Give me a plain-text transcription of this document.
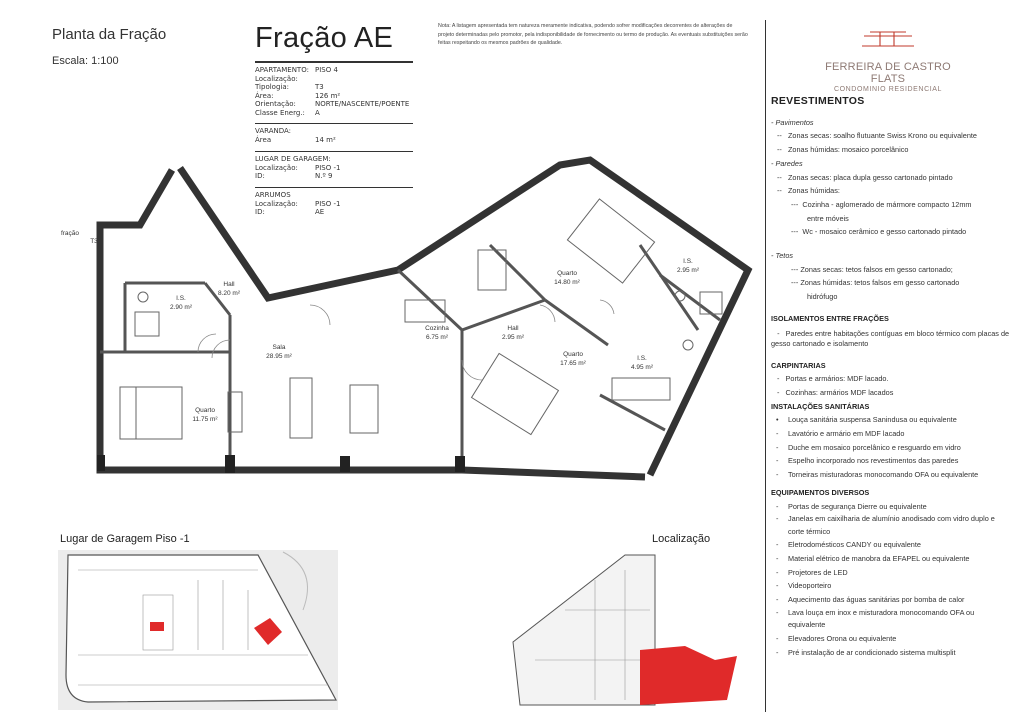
Planta da Fração
Escala: 1:100
Fração AE	Nota: A listagem apresentada tem natureza meramente indicativa, podendo sofrer modificações decorrentes de alterações de projeto determinadas pelo promotor, pela indisponibilidade de fornecimento ou termo de produção. As eventuais substituições serão feitas respeitando os mesmos padrões de qualidade.
APARTAMENTO: PISO 4
Localização:
Tipologia:	T3
Área:	126 m²
Orientação:	NORTE/NASCENTE/POENTE
Classe Energ.:	A
VARANDA:
Área	14 m²
LUGAR DE GARAGEM:
Localização:	PISO -1
ID:	N.º 9
ARRUMOS
Localização:	PISO -1
ID:	AE
fração
T3
Hall
8.20 m²
I.S.
2.90 m²
Sala
28.95 m²
Quarto
11.75 m²
Cozinha
6.75 m²
Hall
2.95 m²
Quarto
14.80 m²
I.S.
2.95 m²
I.S.
4.95 m²
Quarto
17.65 m²
Lugar de Garagem Piso -1	Localização
FERREIRA DE CASTRO FLATS
CONDOMINIO RESIDENCIAL
REVESTIMENTOS
- Pavimentos
--   Zonas secas: soalho flutuante Swiss Krono ou equivalente
--   Zonas húmidas: mosaico porcelânico
- Paredes
--   Zonas secas: placa dupla gesso cartonado pintado
--   Zonas húmidas:
---  Cozinha - aglomerado de mármore compacto 12mm
entre móveis
---  Wc - mosaico cerâmico e gesso cartonado pintado
- Tetos
--- Zonas secas: tetos falsos em gesso cartonado;
--- Zonas húmidas: tetos falsos em gesso cartonado
hidrófugo
ISOLAMENTOS ENTRE FRAÇÕES
-   Paredes entre habitações contíguas em bloco térmico com placas de gesso cartonado e isolamento
CARPINTARIAS
-   Portas e armários: MDF lacado.
-   Cozinhas: armários MDF lacados
INSTALAÇÕES SANITÁRIAS
•	Louça sanitária suspensa Sanindusa ou equivalente
-	Lavatório e armário em MDF lacado
-	Duche em mosaico porcelânico e resguardo em vidro
-	Espelho incorporado nos revestimentos das paredes
-	Torneiras misturadoras monocomando OFA ou equivalente
EQUIPAMENTOS DIVERSOS
-	Portas de segurança Dierre ou equivalente
-	Janelas em caixilharia de alumínio anodisado com vidro duplo e corte térmico
-	Eletrodomésticos CANDY ou equivalente
-	Material elétrico de manobra da EFAPEL ou equivalente
-	Projetores de LED
-	Videoporteiro
-	Aquecimento das águas sanitárias por bomba de calor
-	Lava louça em inox e misturadora monocomando OFA ou equivalente
-	Elevadores Orona ou equivalente
-	Pré instalação de ar condicionado sistema multisplit
